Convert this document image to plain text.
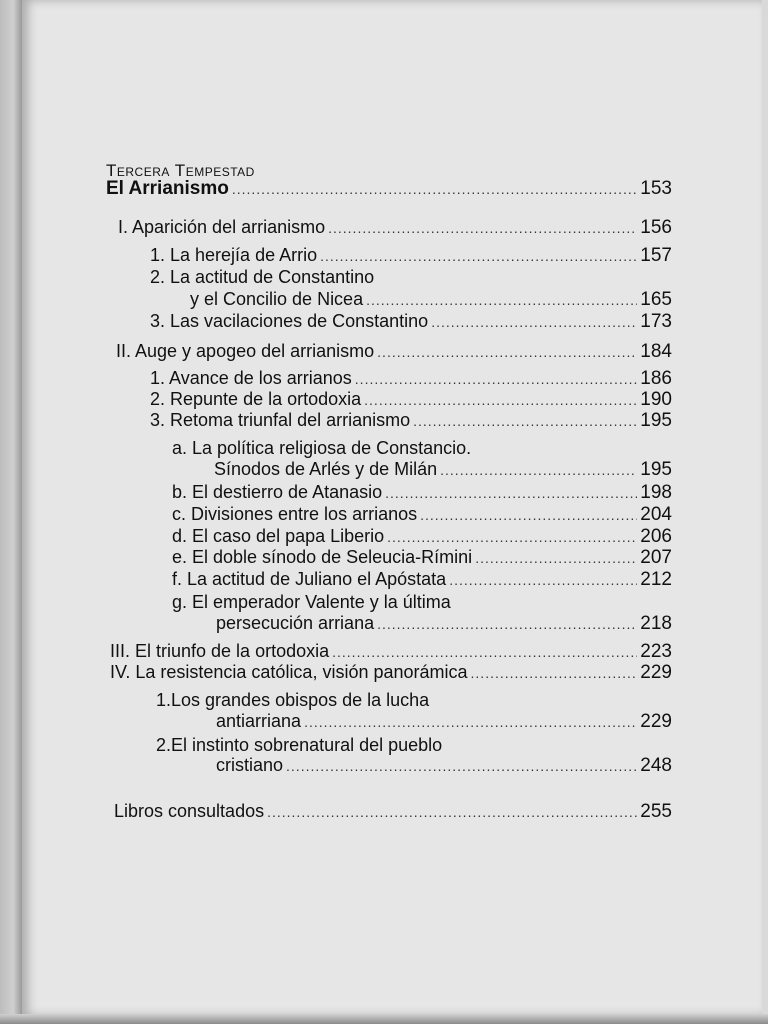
Tercera Tempestad
El Arrianismo .....	153
I. Aparición del arrianismo .....	156
1. La herejía de Arrio .....	157
2. La actitud de Constantino
y el Concilio de Nicea .....	165
3. Las vacilaciones de Constantino .....	173
II. Auge y apogeo del arrianismo .....	184
1. Avance de los arrianos .....	186
2. Repunte de la ortodoxia .....	190
3. Retoma triunfal del arrianismo .....	195
a. La política religiosa de Constancio.
Sínodos de Arlés y de Milán .....	195
b. El destierro de Atanasio .....	198
c. Divisiones entre los arrianos .....	204
d. El caso del papa Liberio .....	206
e. El doble sínodo de Seleucia-Rímini .....	207
f. La actitud de Juliano el Apóstata .....	212
g. El emperador Valente y la última
persecución arriana .....	218
III. El triunfo de la ortodoxia .....	223
IV. La resistencia católica, visión panorámica .....	229
1.Los grandes obispos de la lucha
antiarriana .....	229
2.El instinto sobrenatural del pueblo
cristiano .....	248
Libros consultados .....	255
